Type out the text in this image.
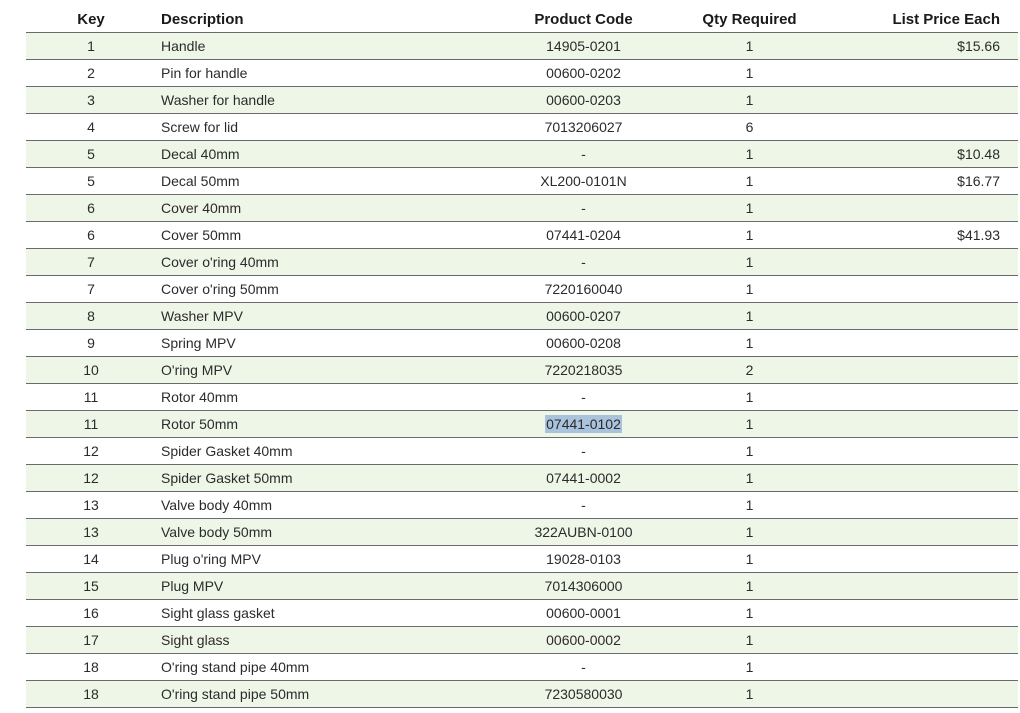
Key	Description	Product Code	Qty Required	List Price Each
1	Handle	14905-0201	1	$15.66
2	Pin for handle	00600-0202	1	
3	Washer for handle	00600-0203	1	
4	Screw for lid	7013206027	6	
5	Decal 40mm	-	1	$10.48
5	Decal 50mm	XL200-0101N	1	$16.77
6	Cover 40mm	-	1	
6	Cover 50mm	07441-0204	1	$41.93
7	Cover o'ring 40mm	-	1	
7	Cover o'ring 50mm	7220160040	1	
8	Washer MPV	00600-0207	1	
9	Spring MPV	00600-0208	1	
10	O'ring MPV	7220218035	2	
11	Rotor 40mm	-	1	
11	Rotor 50mm	07441-0102	1	
12	Spider Gasket 40mm	-	1	
12	Spider Gasket 50mm	07441-0002	1	
13	Valve body 40mm	-	1	
13	Valve body 50mm	322AUBN-0100	1	
14	Plug o'ring MPV	19028-0103	1	
15	Plug MPV	7014306000	1	
16	Sight glass gasket	00600-0001	1	
17	Sight glass	00600-0002	1	
18	O'ring stand pipe 40mm	-	1	
18	O'ring stand pipe 50mm	7230580030	1	
